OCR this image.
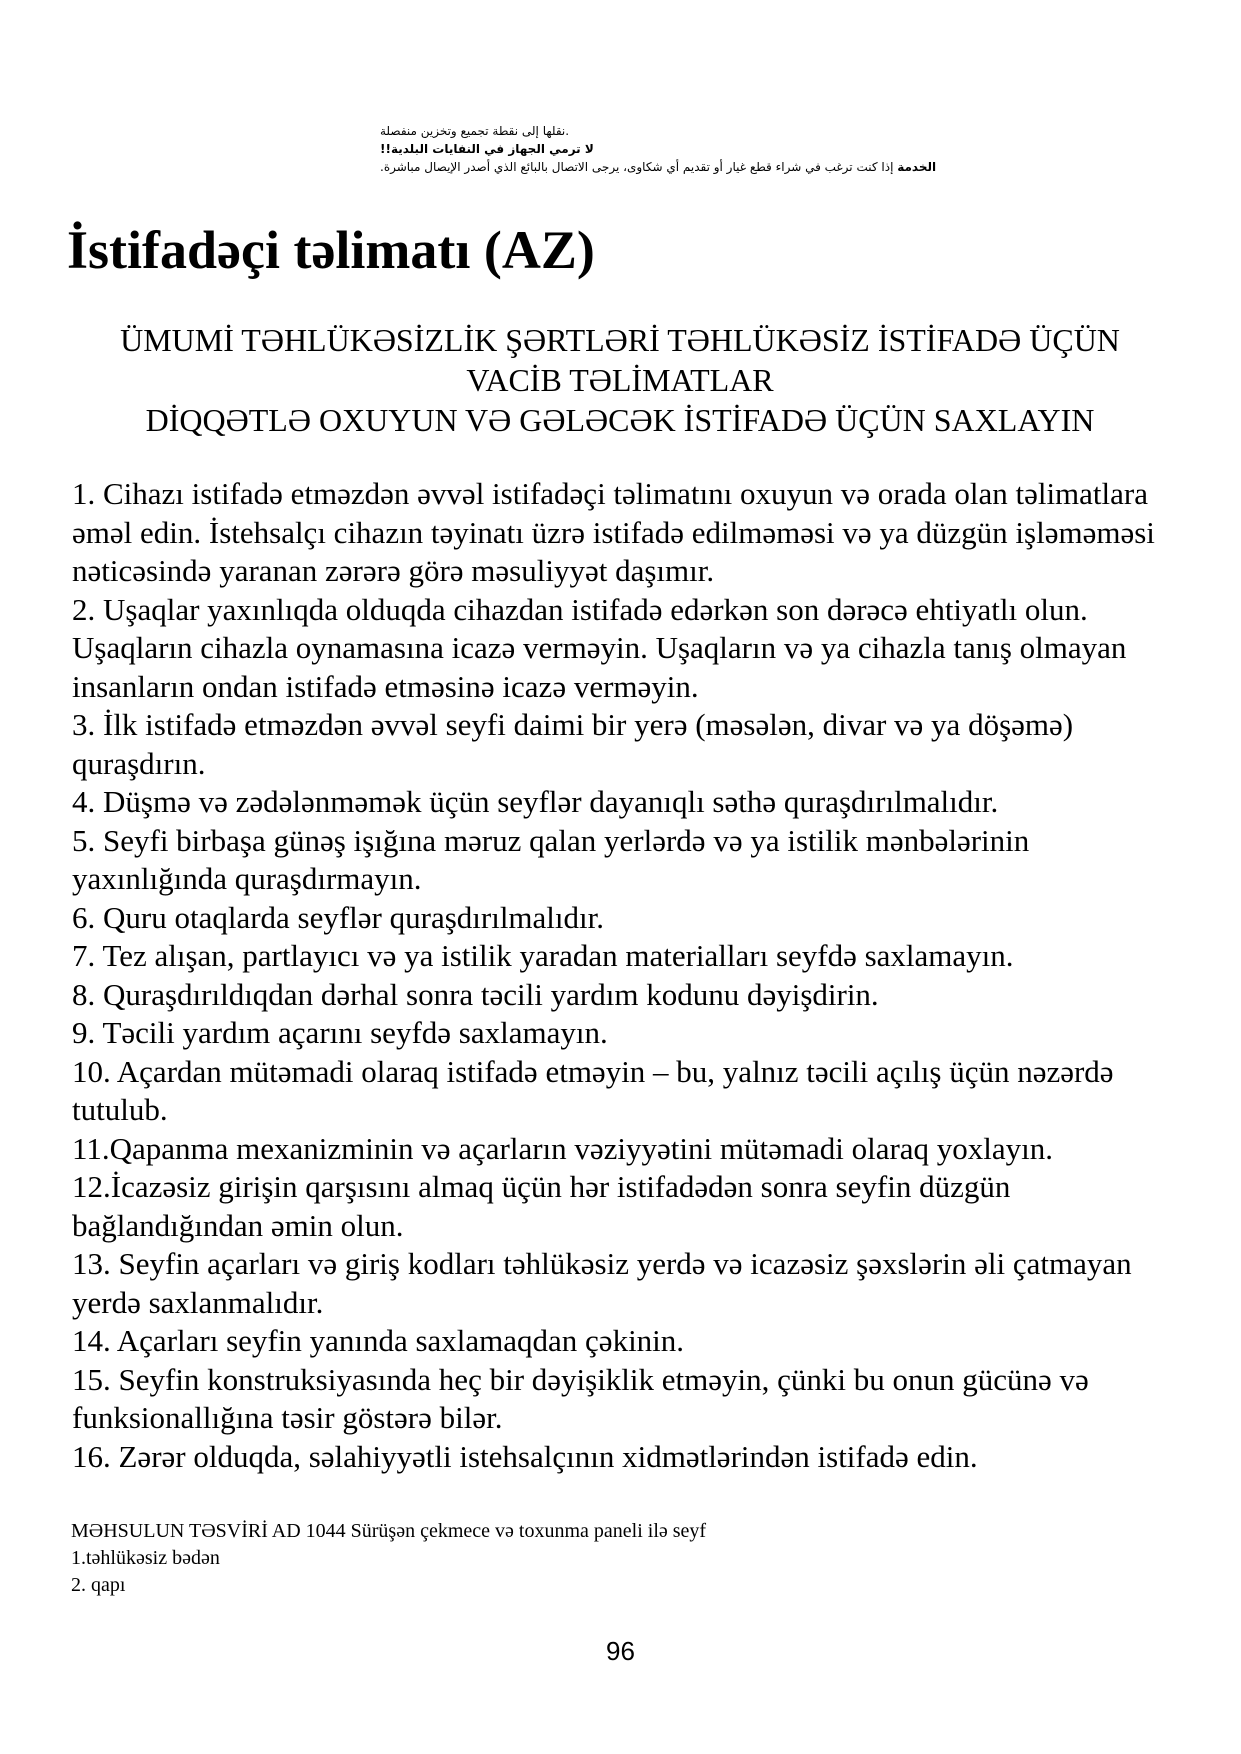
.نقلها إلى نقطة تجميع وتخزين منفصلة
لا ترمي الجهاز في النفايات البلدية!!
الخدمة إذا كنت ترغب في شراء قطع غيار أو تقديم أي شكاوى، يرجى الاتصال بالبائع الذي أصدر الإيصال مباشرة.
İstifadəçi təlimatı (AZ)
ÜMUMİ TƏHLÜKƏSİZLİK ŞƏRTLƏRİ TƏHLÜKƏSİZ İSTİFADƏ ÜÇÜN
VACİB TƏLİMATLAR
DİQQƏTLƏ OXUYUN VƏ GƏLƏCƏK İSTİFADƏ ÜÇÜN SAXLAYIN
1. Cihazı istifadə etməzdən əvvəl istifadəçi təlimatını oxuyun və orada olan təlimatlara əməl edin. İstehsalçı cihazın təyinatı üzrə istifadə edilməməsi və ya düzgün işləməməsi nəticəsində yaranan zərərə görə məsuliyyət daşımır.
2. Uşaqlar yaxınlıqda olduqda cihazdan istifadə edərkən son dərəcə ehtiyatlı olun. Uşaqların cihazla oynamasına icazə verməyin. Uşaqların və ya cihazla tanış olmayan insanların ondan istifadə etməsinə icazə verməyin.
3. İlk istifadə etməzdən əvvəl seyfi daimi bir yerə (məsələn, divar və ya döşəmə) quraşdırın.
4. Düşmə və zədələnməmək üçün seyflər dayanıqlı səthə quraşdırılmalıdır.
5. Seyfi birbaşa günəş işığına məruz qalan yerlərdə və ya istilik mənbələrinin yaxınlığında quraşdırmayın.
6. Quru otaqlarda seyflər quraşdırılmalıdır.
7. Tez alışan, partlayıcı və ya istilik yaradan materialları seyfdə saxlamayın.
8. Quraşdırıldıqdan dərhal sonra təcili yardım kodunu dəyişdirin.
9. Təcili yardım açarını seyfdə saxlamayın.
10. Açardan mütəmadi olaraq istifadə etməyin – bu, yalnız təcili açılış üçün nəzərdə tutulub.
11.Qapanma mexanizminin və açarların vəziyyətini mütəmadi olaraq yoxlayın.
12.İcazəsiz girişin qarşısını almaq üçün hər istifadədən sonra seyfin düzgün bağlandığından əmin olun.
13. Seyfin açarları və giriş kodları təhlükəsiz yerdə və icazəsiz şəxslərin əli çatmayan yerdə saxlanmalıdır.
14. Açarları seyfin yanında saxlamaqdan çəkinin.
15. Seyfin konstruksiyasında heç bir dəyişiklik etməyin, çünki bu onun gücünə və funksionallığına təsir göstərə bilər.
16. Zərər olduqda, səlahiyyətli istehsalçının xidmətlərindən istifadə edin.
MƏHSULUN TƏSVİRİ AD 1044 Sürüşən çekmece və toxunma paneli ilə seyf
1.təhlükəsiz bədən
2. qapı
96
